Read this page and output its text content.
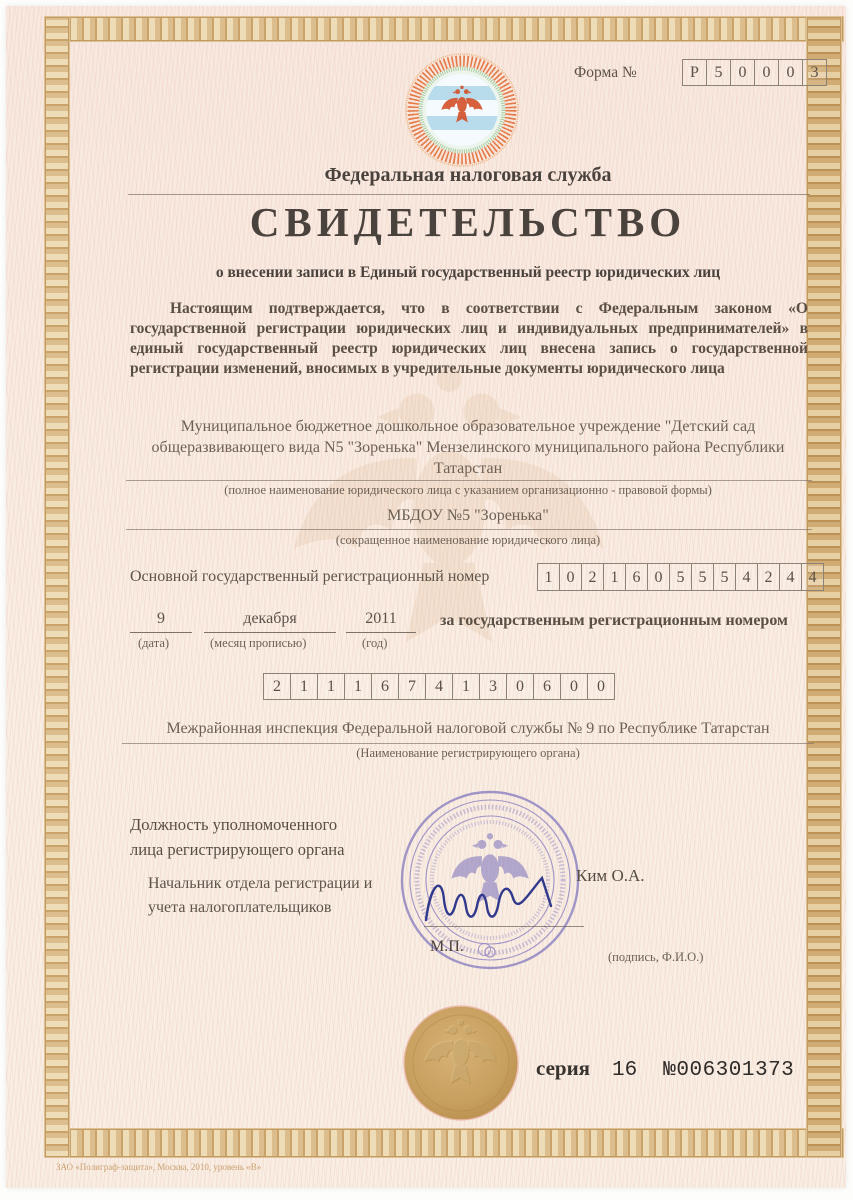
Форма №	Р 5 0 0 0 3
Федеральная налоговая служба
СВИДЕТЕЛЬСТВО
о внесении записи в Единый государственный реестр юридических лиц
Настоящим подтверждается, что в соответствии с Федеральным законом «О государственной регистрации юридических лиц и индивидуальных предпринимателей» в единый государственный реестр юридических лиц внесена запись о государственной регистрации изменений, вносимых в учредительные документы юридического лица
Муниципальное бюджетное дошкольное образовательное учреждение "Детский сад общеразвивающего вида N5 "Зоренька" Мензелинского муниципального района Республики Татарстан
(полное наименование юридического лица с указанием организационно - правовой формы)
МБДОУ №5 "Зоренька"
(сокращенное наименование юридического лица)
Основной государственный регистрационный номер	1 0 2 1 6 0 5 5 5 4 2 4 4
9
(дата)
декабря
(месяц прописью)
2011
(год)
за государственным регистрационным номером
2 1 1 1 6 7 4 1 3 0 6 0 0
Межрайонная инспекция Федеральной налоговой службы № 9 по Республике Татарстан
(Наименование регистрирующего органа)
Должность уполномоченного
лица регистрирующего органа
Начальник отдела регистрации и
учета налогоплательщиков
М.П.
Ким О.А.
(подпись, Ф.И.О.)
серия 16 №006301373
ЗАО «Полиграф-защита», Москва, 2010, уровень «В»
